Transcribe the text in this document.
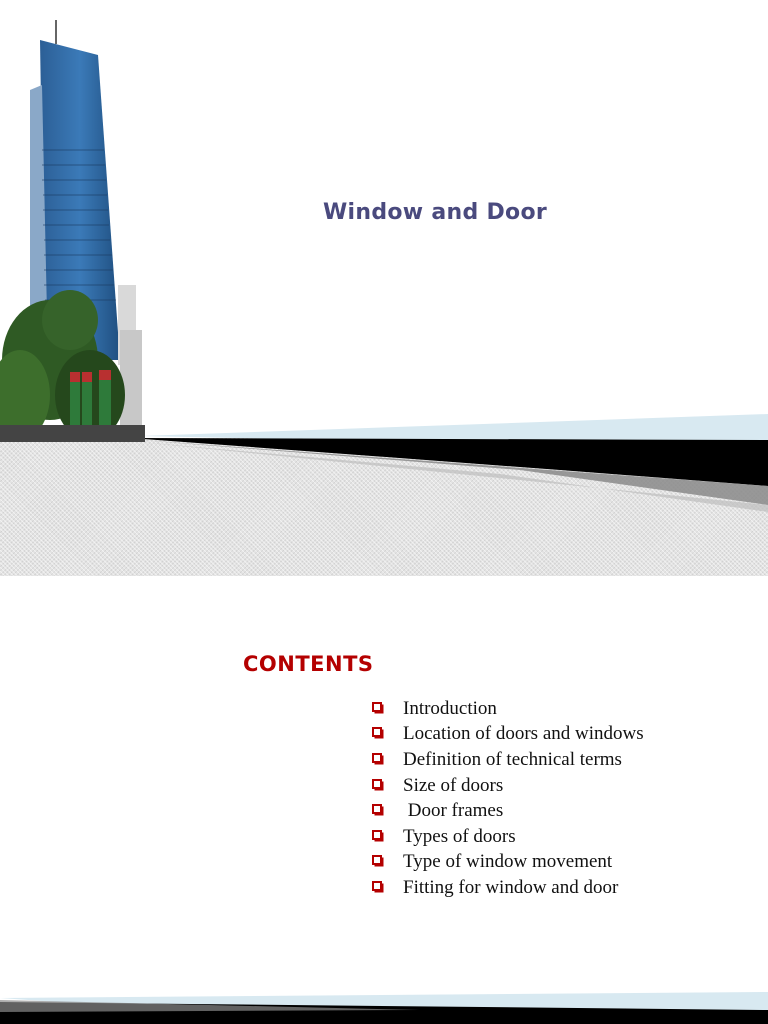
Window and Door
CONTENTS
Introduction
Location of doors and windows
Definition of technical terms
Size of doors
Door frames
Types of doors
Type of window movement
Fitting for window and door
